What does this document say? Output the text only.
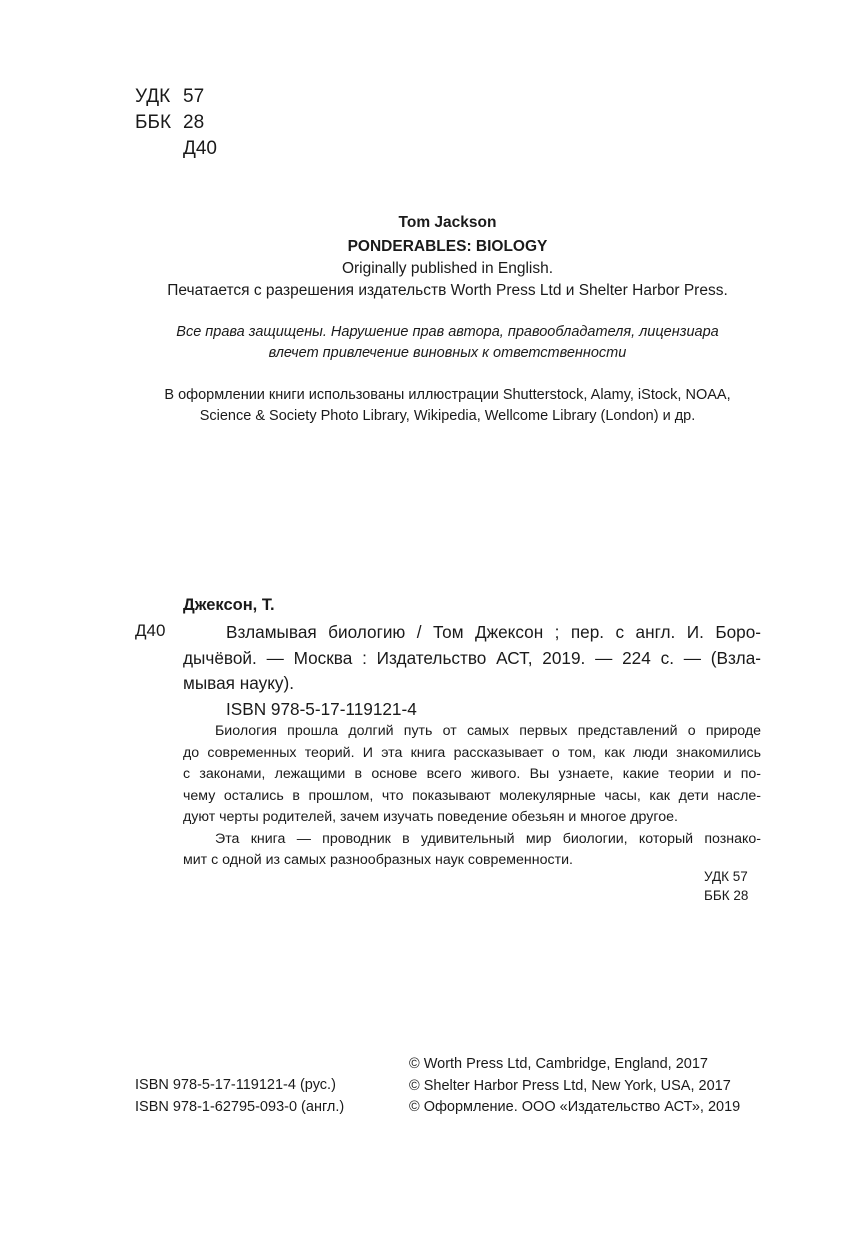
УДК 57
ББК 28
Д40
Tom Jackson
PONDERABLES: BIOLOGY
Originally published in English.
Печатается с разрешения издательств Worth Press Ltd и Shelter Harbor Press.
Все права защищены. Нарушение прав автора, правообладателя, лицензиара
влечет привлечение виновных к ответственности
В оформлении книги использованы иллюстрации Shutterstock, Alamy, iStock, NOAA,
Science & Society Photo Library, Wikipedia, Wellcome Library (London) и др.
Джексон, Т.
Д40	Взламывая биологию / Том Джексон ; пер. с англ. И. Боро-

дычёвой. — Москва : Издательство АСТ, 2019. — 224 с. — (Взла-

мывая науку).

ISBN 978-5-17-119121-4

Биология прошла долгий путь от самых первых представлений о природе

до современных теорий. И эта книга рассказывает о том, как люди знакомились

с законами, лежащими в основе всего живого. Вы узнаете, какие теории и по-

чему остались в прошлом, что показывают молекулярные часы, как дети наслe-

дуют черты родителей, зачем изучать поведение обезьян и многое другое.

Эта книга — проводник в удивительный мир биологии, который познако-

мит с одной из самых разнообразных наук современности.

УДК 57
ББК 28
ISBN 978-5-17-119121-4 (рус.)
ISBN 978-1-62795-093-0 (англ.)
© Worth Press Ltd, Cambridge, England, 2017
© Shelter Harbor Press Ltd, New York, USA, 2017
© Оформление. ООО «Издательство АСТ», 2019
